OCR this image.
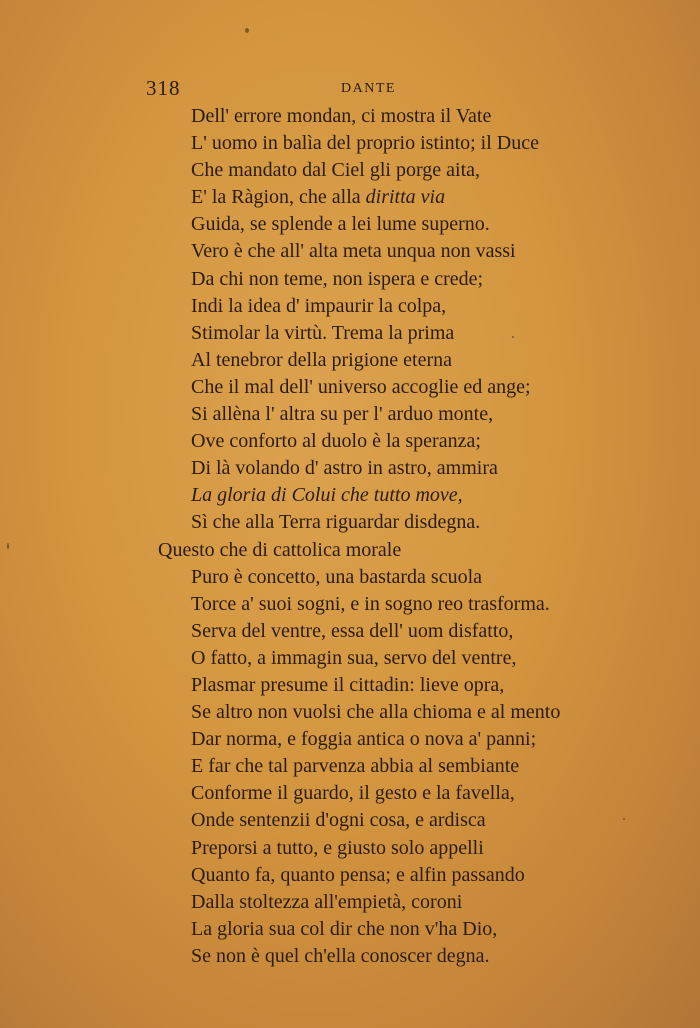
318	DANTE
Dell' errore mondan, ci mostra il Vate
L' uomo in balìa del proprio istinto; il Duce
Che mandato dal Ciel gli porge aita,
E' la Ràgion, che alla diritta via
Guida, se splende a lei lume superno.
Vero è che all' alta meta unqua non vassi
Da chi non teme, non ispera e crede;
Indi la idea d' impaurir la colpa,
Stimolar la virtù. Trema la prima
Al tenebror della prigione eterna
Che il mal dell' universo accoglie ed ange;
Si allèna l' altra su per l' arduo monte,
Ove conforto al duolo è la speranza;
Di là volando d' astro in astro, ammira
La gloria di Colui che tutto move,
Sì che alla Terra riguardar disdegna.
Questo che di cattolica morale
Puro è concetto, una bastarda scuola
Torce a' suoi sogni, e in sogno reo trasforma.
Serva del ventre, essa dell' uom disfatto,
O fatto, a immagin sua, servo del ventre,
Plasmar presume il cittadin: lieve opra,
Se altro non vuolsi che alla chioma e al mento
Dar norma, e foggia antica o nova a' panni;
E far che tal parvenza abbia al sembiante
Conforme il guardo, il gesto e la favella,
Onde sentenzii d'ogni cosa, e ardisca
Preporsi a tutto, e giusto solo appelli
Quanto fa, quanto pensa; e alfin passando
Dalla stoltezza all'empietà, coroni
La gloria sua col dir che non v'ha Dio,
Se non è quel ch'ella conoscer degna.
